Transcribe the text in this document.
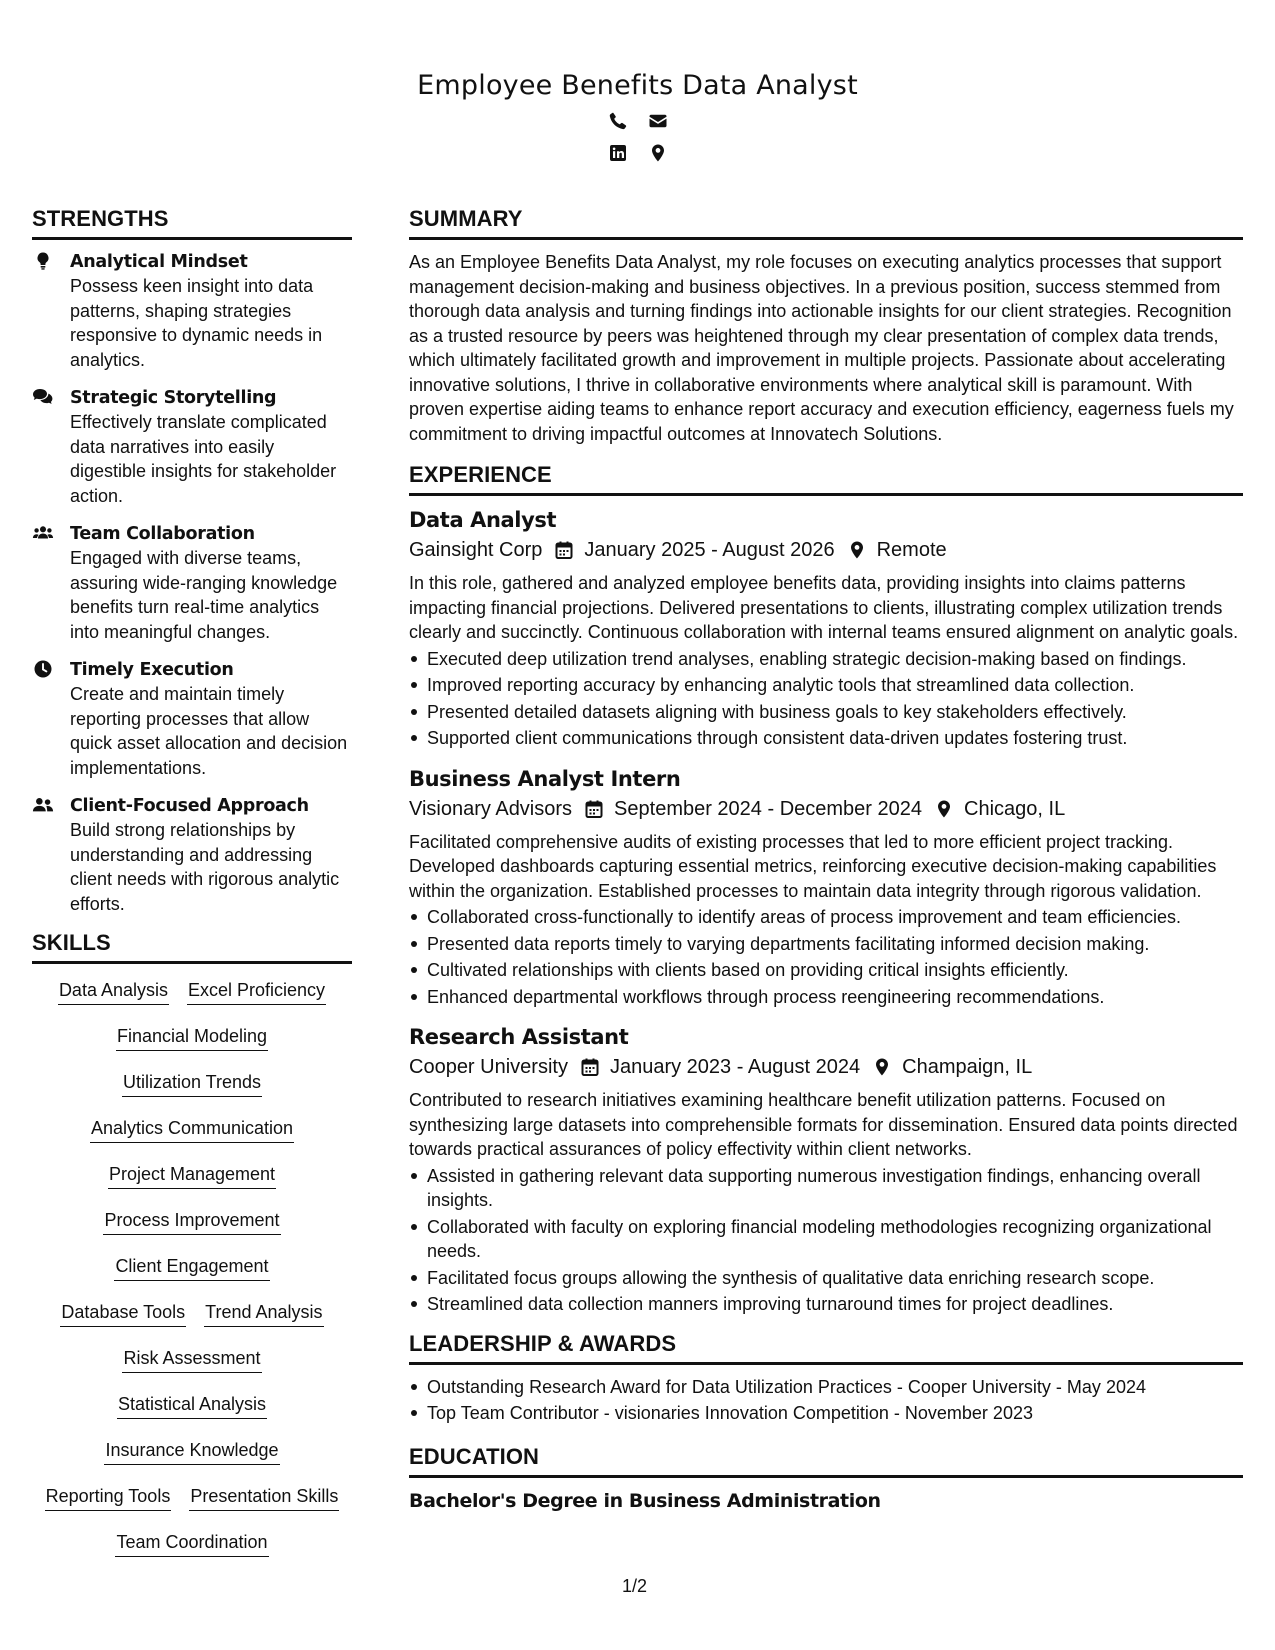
Employee Benefits Data Analyst
STRENGTHS
Analytical Mindset
Possess keen insight into data patterns, shaping strategies responsive to dynamic needs in analytics.
Strategic Storytelling
Effectively translate complicated data narratives into easily digestible insights for stakeholder action.
Team Collaboration
Engaged with diverse teams, assuring wide-ranging knowledge benefits turn real-time analytics into meaningful changes.
Timely Execution
Create and maintain timely reporting processes that allow quick asset allocation and decision implementations.
Client-Focused Approach
Build strong relationships by understanding and addressing client needs with rigorous analytic efforts.
SKILLS
Data Analysis Excel Proficiency
Financial Modeling
Utilization Trends
Analytics Communication
Project Management
Process Improvement
Client Engagement
Database Tools Trend Analysis
Risk Assessment
Statistical Analysis
Insurance Knowledge
Reporting Tools Presentation Skills
Team Coordination
SUMMARY
As an Employee Benefits Data Analyst, my role focuses on executing analytics processes that support management decision-making and business objectives. In a previous position, success stemmed from thorough data analysis and turning findings into actionable insights for our client strategies. Recognition as a trusted resource by peers was heightened through my clear presentation of complex data trends, which ultimately facilitated growth and improvement in multiple projects. Passionate about accelerating innovative solutions, I thrive in collaborative environments where analytical skill is paramount. With proven expertise aiding teams to enhance report accuracy and execution efficiency, eagerness fuels my commitment to driving impactful outcomes at Innovatech Solutions.
EXPERIENCE
Data Analyst
Gainsight Corp January 2025 - August 2026 Remote
In this role, gathered and analyzed employee benefits data, providing insights into claims patterns impacting financial projections. Delivered presentations to clients, illustrating complex utilization trends clearly and succinctly. Continuous collaboration with internal teams ensured alignment on analytic goals.
Executed deep utilization trend analyses, enabling strategic decision-making based on findings.
Improved reporting accuracy by enhancing analytic tools that streamlined data collection.
Presented detailed datasets aligning with business goals to key stakeholders effectively.
Supported client communications through consistent data-driven updates fostering trust.
Business Analyst Intern
Visionary Advisors September 2024 - December 2024 Chicago, IL
Facilitated comprehensive audits of existing processes that led to more efficient project tracking. Developed dashboards capturing essential metrics, reinforcing executive decision-making capabilities within the organization. Established processes to maintain data integrity through rigorous validation.
Collaborated cross-functionally to identify areas of process improvement and team efficiencies.
Presented data reports timely to varying departments facilitating informed decision making.
Cultivated relationships with clients based on providing critical insights efficiently.
Enhanced departmental workflows through process reengineering recommendations.
Research Assistant
Cooper University January 2023 - August 2024 Champaign, IL
Contributed to research initiatives examining healthcare benefit utilization patterns. Focused on synthesizing large datasets into comprehensible formats for dissemination. Ensured data points directed towards practical assurances of policy effectivity within client networks.
Assisted in gathering relevant data supporting numerous investigation findings, enhancing overall insights.
Collaborated with faculty on exploring financial modeling methodologies recognizing organizational needs.
Facilitated focus groups allowing the synthesis of qualitative data enriching research scope.
Streamlined data collection manners improving turnaround times for project deadlines.
LEADERSHIP & AWARDS
Outstanding Research Award for Data Utilization Practices - Cooper University - May 2024
Top Team Contributor - visionaries Innovation Competition - November 2023
EDUCATION
Bachelor's Degree in Business Administration
1/2
